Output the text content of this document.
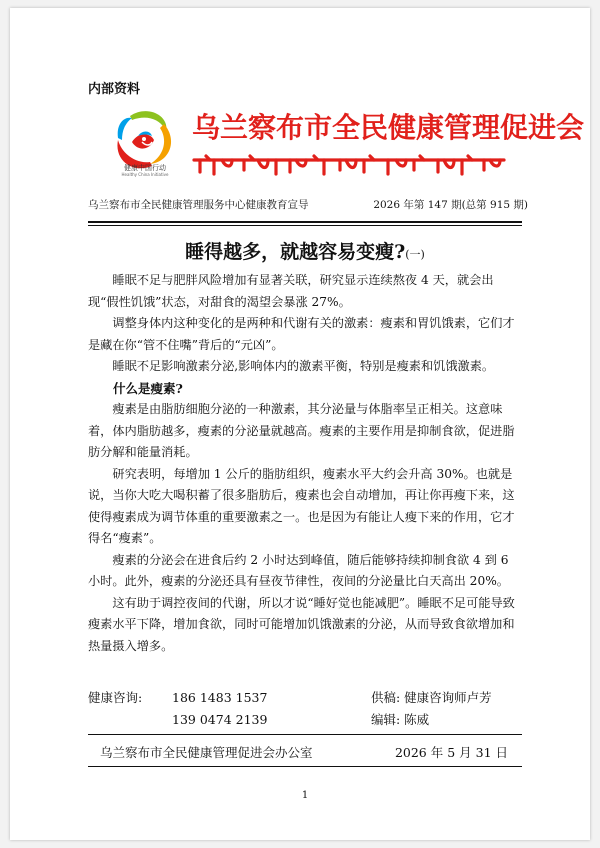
内部资料
健康中国行动
Healthy China Initiative
乌兰察布市全民健康管理促进会
乌兰察布市全民健康管理服务中心健康教育宣导	2026 年第 147 期(总第 915 期)
睡得越多，就越容易变瘦?(一)

睡眠不足与肥胖风险增加有显著关联，研究显示连续熬夜 4 天，就会出现“假性饥饿”状态，对甜食的渴望会暴涨 27%。

调整身体内这种变化的是两种和代谢有关的激素：瘦素和胃饥饿素，它们才是藏在你“管不住嘴”背后的“元凶”。

睡眠不足影响激素分泌,影响体内的激素平衡，特别是瘦素和饥饿激素。

什么是瘦素?

瘦素是由脂肪细胞分泌的一种激素，其分泌量与体脂率呈正相关。这意味着，体内脂肪越多，瘦素的分泌量就越高。瘦素的主要作用是抑制食欲，促进脂肪分解和能量消耗。

研究表明，每增加 1 公斤的脂肪组织，瘦素水平大约会升高 30%。也就是说，当你大吃大喝积蓄了很多脂肪后，瘦素也会自动增加，再让你再瘦下来，这使得瘦素成为调节体重的重要激素之一。也是因为有能让人瘦下来的作用，它才得名“瘦素”。

瘦素的分泌会在进食后约 2 小时达到峰值，随后能够持续抑制食欲 4 到 6 小时。此外，瘦素的分泌还具有昼夜节律性，夜间的分泌量比白天高出 20%。

这有助于调控夜间的代谢，所以才说“睡好觉也能减肥”。睡眠不足可能导致瘦素水平下降，增加食欲，同时可能增加饥饿激素的分泌，从而导致食欲增加和热量摄入增多。

健康咨询: 186 1483 1537	供稿: 健康咨询师卢芳
139 0474 2139	编辑: 陈威
乌兰察布市全民健康管理促进会办公室	2026 年 5 月 31 日
1
